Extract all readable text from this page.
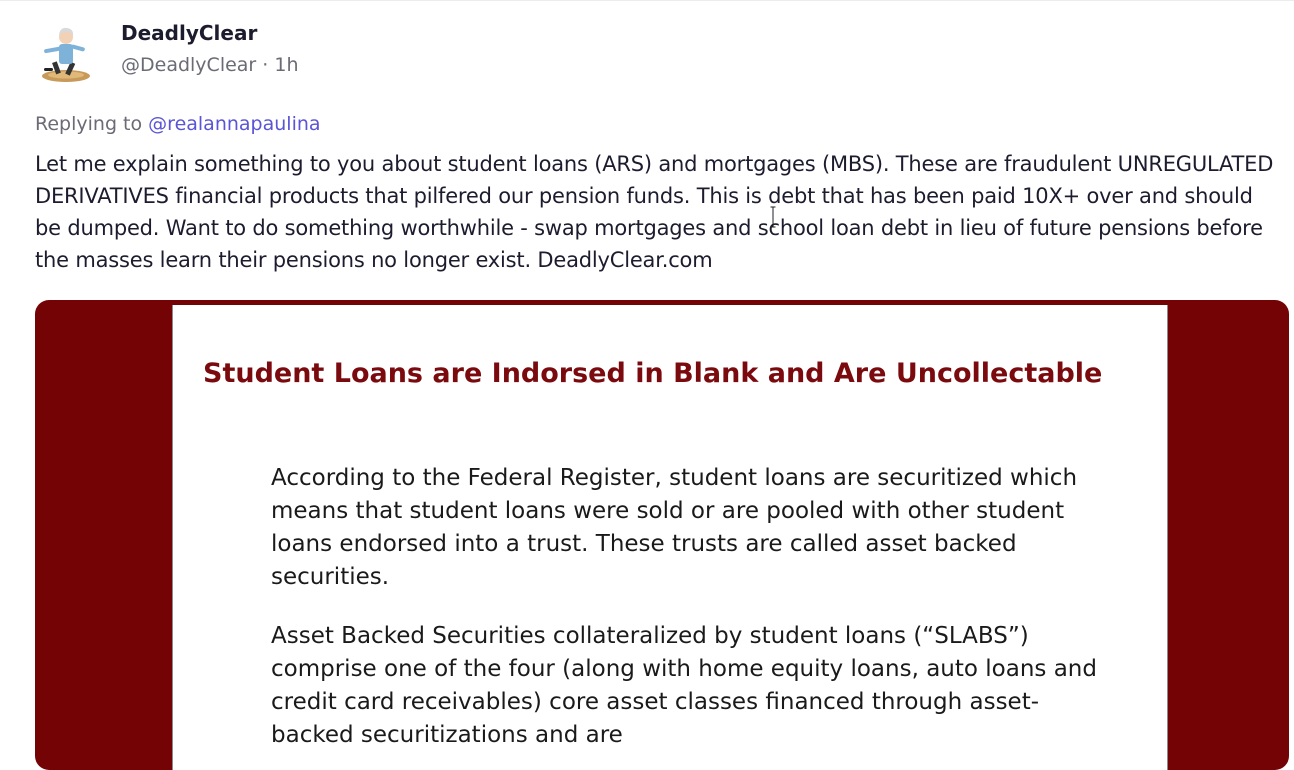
DeadlyClear
@DeadlyClear · 1h
Replying to @realannapaulina
Let me explain something to you about student loans (ARS) and mortgages (MBS). These are fraudulent UNREGULATED DERIVATIVES financial products that pilfered our pension funds. This is debt that has been paid 10X+ over and should be dumped. Want to do something worthwhile - swap mortgages and school loan debt in lieu of future pensions before the masses learn their pensions no longer exist. DeadlyClear.com
Student Loans are Indorsed in Blank and Are Uncollectable
According to the Federal Register, student loans are securitized which means that student loans were sold or are pooled with other student loans endorsed into a trust. These trusts are called asset backed securities.
Asset Backed Securities collateralized by student loans (“SLABS”) comprise one of the four (along with home equity loans, auto loans and credit card receivables) core asset classes financed through asset-backed securitizations and are
